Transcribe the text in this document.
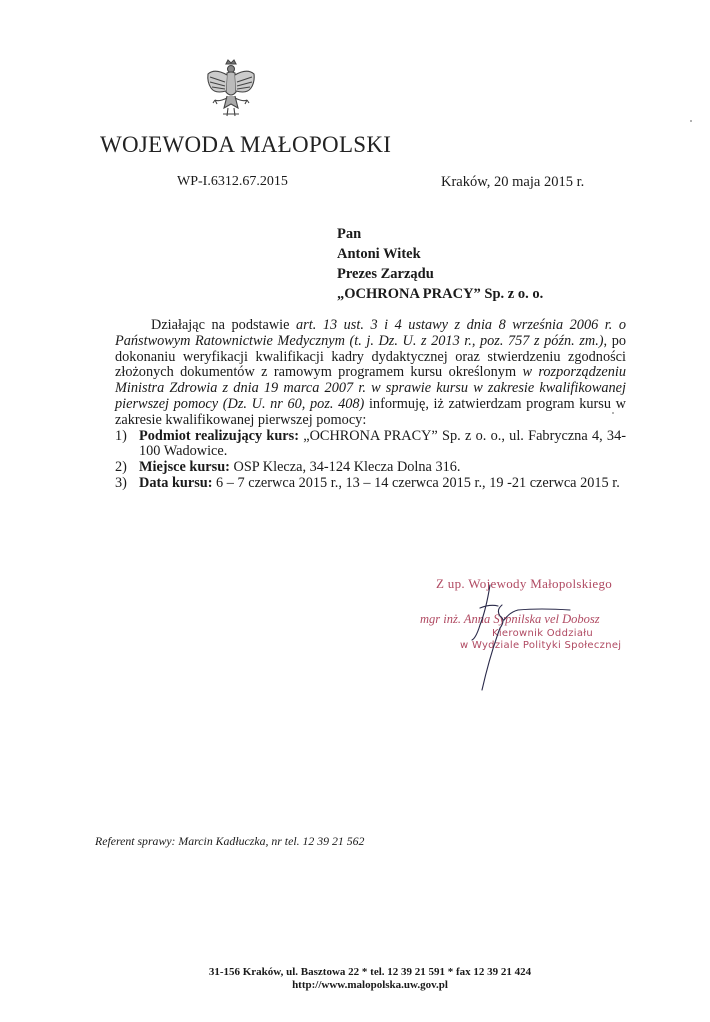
WOJEWODA MAŁOPOLSKI
WP-I.6312.67.2015	Kraków, 20 maja 2015 r.
Pan
Antoni Witek
Prezes Zarządu
„OCHRONA PRACY” Sp. z o. o.

Działając na podstawie art. 13 ust. 3 i 4 ustawy z dnia 8 września 2006 r. o Państwowym Ratownictwie Medycznym (t. j. Dz. U. z 2013 r., poz. 757 z późn. zm.), po dokonaniu weryfikacji kwalifikacji kadry dydaktycznej oraz stwierdzeniu zgodności złożonych dokumentów z ramowym programem kursu określonym w rozporządzeniu Ministra Zdrowia z dnia 19 marca 2007 r. w sprawie kursu w zakresie kwalifikowanej pierwszej pomocy (Dz. U. nr 60, poz. 408) informuję, iż zatwierdzam program kursu w zakresie kwalifikowanej pierwszej pomocy:

1) Podmiot realizujący kurs: „OCHRONA PRACY” Sp. z o. o., ul. Fabryczna 4, 34-100 Wadowice.
2) Miejsce kursu: OSP Klecza, 34-124 Klecza Dolna 316.
3) Data kursu: 6 – 7 czerwca 2015 r., 13 – 14 czerwca 2015 r., 19 -21 czerwca 2015 r.
Z up. Wojewody Małopolskiego
mgr inż. Anna Sypnilska vel Dobosz
Kierownik Oddziału
w Wydziale Polityki Społecznej
Referent sprawy: Marcin Kadłuczka, nr tel. 12 39 21 562
31-156 Kraków, ul. Basztowa 22 * tel. 12 39 21 591 * fax 12 39 21 424
http://www.malopolska.uw.gov.pl
